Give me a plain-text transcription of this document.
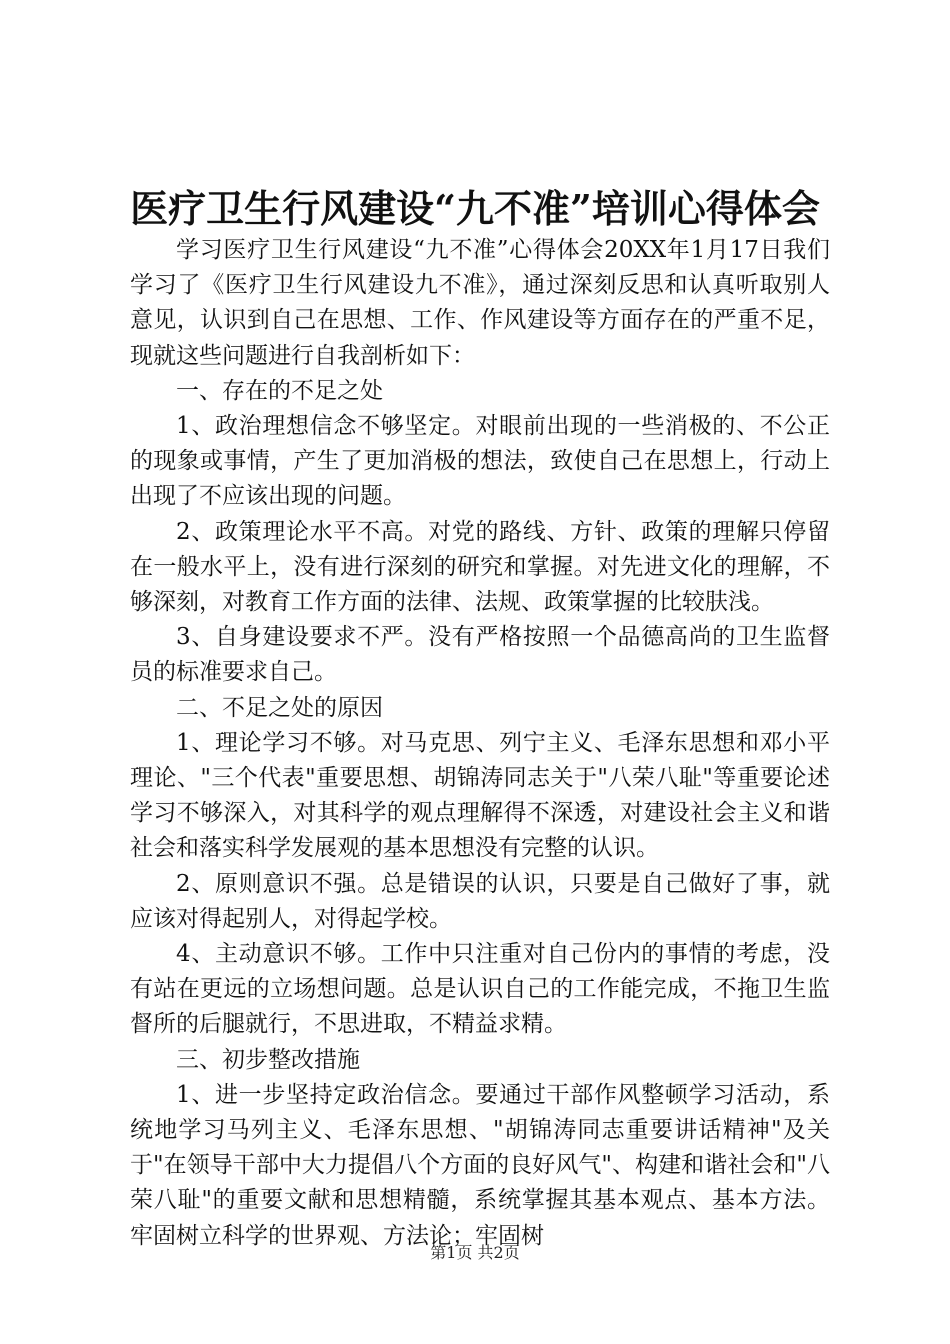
医疗卫生行风建设“九不准”培训心得体会

学习医疗卫生行风建设“九不准”心得体会20XX年1月17日我们学习了《医疗卫生行风建设九不准》，通过深刻反思和认真听取别人意见，认识到自己在思想、工作、作风建设等方面存在的严重不足，现就这些问题进行自我剖析如下：

一、存在的不足之处

1、政治理想信念不够坚定。对眼前出现的一些消极的、不公正的现象或事情，产生了更加消极的想法，致使自己在思想上，行动上出现了不应该出现的问题。

2、政策理论水平不高。对党的路线、方针、政策的理解只停留在一般水平上，没有进行深刻的研究和掌握。对先进文化的理解，不够深刻，对教育工作方面的法律、法规、政策掌握的比较肤浅。

3、自身建设要求不严。没有严格按照一个品德高尚的卫生监督员的标准要求自己。

二、不足之处的原因

1、理论学习不够。对马克思、列宁主义、毛泽东思想和邓小平理论、"三个代表"重要思想、胡锦涛同志关于"八荣八耻"等重要论述学习不够深入，对其科学的观点理解得不深透，对建设社会主义和谐社会和落实科学发展观的基本思想没有完整的认识。

2、原则意识不强。总是错误的认识，只要是自己做好了事，就应该对得起别人，对得起学校。

4、主动意识不够。工作中只注重对自己份内的事情的考虑，没有站在更远的立场想问题。总是认识自己的工作能完成，不拖卫生监督所的后腿就行，不思进取，不精益求精。

三、初步整改措施

1、进一步坚持定政治信念。要通过干部作风整顿学习活动，系统地学习马列主义、毛泽东思想、"胡锦涛同志重要讲话精神"及关于"在领导干部中大力提倡八个方面的良好风气"、构建和谐社会和"八荣八耻"的重要文献和思想精髓，系统掌握其基本观点、基本方法。牢固树立科学的世界观、方法论；牢固树

第1页 共2页
